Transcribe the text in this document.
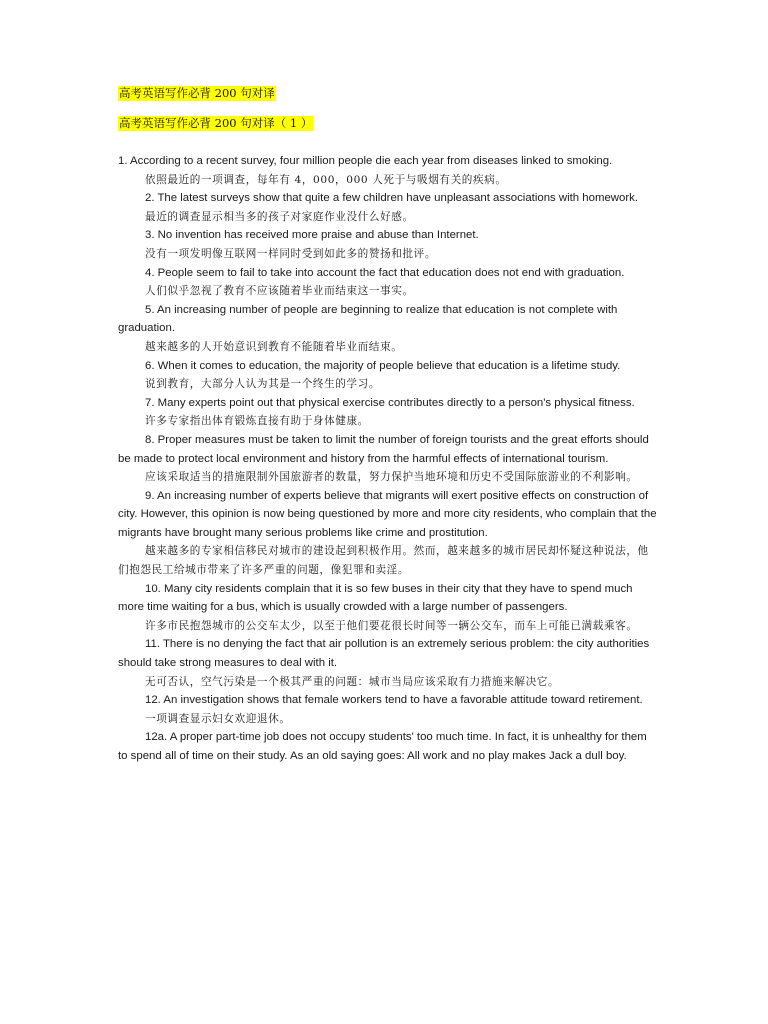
高考英语写作必背 200 句对译
高考英语写作必背 200 句对译（ 1 ）

1. According to a recent survey, four million people die each year from diseases linked to smoking.

依照最近的一项调查，每年有 4，000，000 人死于与吸烟有关的疾病。

2. The latest surveys show that quite a few children have unpleasant associations with homework.

最近的调查显示相当多的孩子对家庭作业没什么好感。

3. No invention has received more praise and abuse than Internet.

没有一项发明像互联网一样同时受到如此多的赞扬和批评。

4. People seem to fail to take into account the fact that education does not end with graduation.

人们似乎忽视了教育不应该随着毕业而结束这一事实。

5. An increasing number of people are beginning to realize that education is not complete with graduation.

越来越多的人开始意识到教育不能随着毕业而结束。

6. When it comes to education, the majority of people believe that education is a lifetime study.

说到教育，大部分人认为其是一个终生的学习。

7. Many experts point out that physical exercise contributes directly to a person's physical fitness.

许多专家指出体育锻炼直接有助于身体健康。

8. Proper measures must be taken to limit the number of foreign tourists and the great efforts should be made to protect local environment and history from the harmful effects of international tourism.

应该采取适当的措施限制外国旅游者的数量，努力保护当地环境和历史不受国际旅游业的不利影响。

9. An increasing number of experts believe that migrants will exert positive effects on construction of city. However, this opinion is now being questioned by more and more city residents, who complain that the migrants have brought many serious problems like crime and prostitution.

越来越多的专家相信移民对城市的建设起到积极作用。然而，越来越多的城市居民却怀疑这种说法，他们抱怨民工给城市带来了许多严重的问题，像犯罪和卖淫。

10. Many city residents complain that it is so few buses in their city that they have to spend much more time waiting for a bus, which is usually crowded with a large number of passengers.

许多市民抱怨城市的公交车太少，以至于他们要花很长时间等一辆公交车，而车上可能已满载乘客。

11. There is no denying the fact that air pollution is an extremely serious problem: the city authorities should take strong measures to deal with it.

无可否认，空气污染是一个极其严重的问题：城市当局应该采取有力措施来解决它。

12. An investigation shows that female workers tend to have a favorable attitude toward retirement.

一项调查显示妇女欢迎退休。

12a. A proper part-time job does not occupy students' too much time. In fact, it is unhealthy for them to spend all of time on their study. As an old saying goes: All work and no play makes Jack a dull boy.
